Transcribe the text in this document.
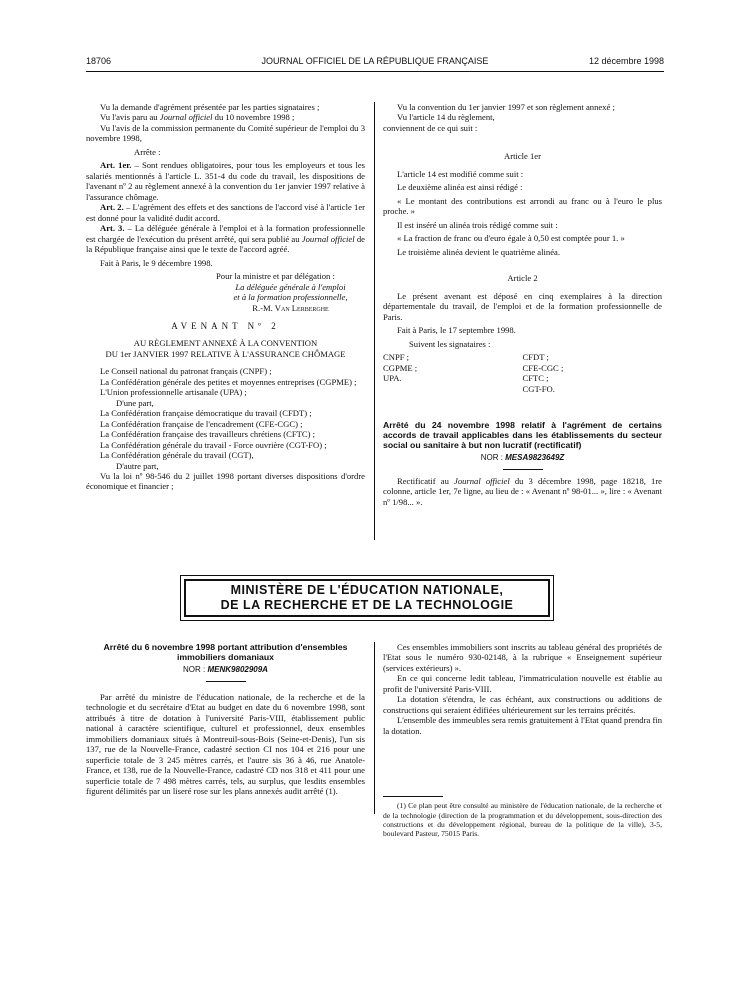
18706	JOURNAL OFFICIEL DE LA RÉPUBLIQUE FRANÇAISE	12 décembre 1998

Vu la demande d'agrément présentée par les parties signataires ;

Vu l'avis paru au Journal officiel du 10 novembre 1998 ;

Vu l'avis de la commission permanente du Comité supérieur de l'emploi du 3 novembre 1998,

Arrête :

Art. 1er. – Sont rendues obligatoires, pour tous les employeurs et tous les salariés mentionnés à l'article L. 351-4 du code du travail, les dispositions de l'avenant nº 2 au règlement annexé à la convention du 1er janvier 1997 relative à l'assurance chômage.

Art. 2. – L'agrément des effets et des sanctions de l'accord visé à l'article 1er est donné pour la validité dudit accord.

Art. 3. – La déléguée générale à l'emploi et à la formation professionnelle est chargée de l'exécution du présent arrêté, qui sera publié au Journal officiel de la République française ainsi que le texte de l'accord agréé.

Fait à Paris, le 9 décembre 1998.

Pour la ministre et par délégation :

La déléguée générale à l'emploi

et à la formation professionnelle,

R.-M. Van Lerberghe

AVENANT Nº 2

AU RÈGLEMENT ANNEXÉ À LA CONVENTION

DU 1er JANVIER 1997 RELATIVE À L'ASSURANCE CHÔMAGE

Le Conseil national du patronat français (CNPF) ;

La Confédération générale des petites et moyennes entreprises (CGPME) ;

L'Union professionnelle artisanale (UPA) ;

D'une part,

La Confédération française démocratique du travail (CFDT) ;

La Confédération française de l'encadrement (CFE-CGC) ;

La Confédération française des travailleurs chrétiens (CFTC) ;

La Confédération générale du travail - Force ouvrière (CGT-FO) ;

La Confédération générale du travail (CGT),

D'autre part,

Vu la loi nº 98-546 du 2 juillet 1998 portant diverses dispositions d'ordre économique et financier ;

Vu la convention du 1er janvier 1997 et son règlement annexé ;

Vu l'article 14 du règlement,

conviennent de ce qui suit :

Article 1er

L'article 14 est modifié comme suit :

Le deuxième alinéa est ainsi rédigé :

« Le montant des contributions est arrondi au franc ou à l'euro le plus proche. »

Il est inséré un alinéa trois rédigé comme suit :

« La fraction de franc ou d'euro égale à 0,50 est comptée pour 1. »

Le troisième alinéa devient le quatrième alinéa.

Article 2

Le présent avenant est déposé en cinq exemplaires à la direction départementale du travail, de l'emploi et de la formation professionnelle de Paris.

Fait à Paris, le 17 septembre 1998.

Suivent les signataires :

CNPF ;

CGPME ;

UPA.

CFDT ;

CFE-CGC ;

CFTC ;

CGT-FO.

Arrêté du 24 novembre 1998 relatif à l'agrément de certains accords de travail applicables dans les établissements du secteur social ou sanitaire à but non lucratif (rectificatif)

NOR : MESA9823649Z

Rectificatif au Journal officiel du 3 décembre 1998, page 18218, 1re colonne, article 1er, 7e ligne, au lieu de : « Avenant nº 98-01... », lire : « Avenant nº 1/98... ».

MINISTÈRE DE L'ÉDUCATION NATIONALE,
DE LA RECHERCHE ET DE LA TECHNOLOGIE

Arrêté du 6 novembre 1998 portant attribution d'ensembles immobiliers domaniaux

NOR : MENK9802909A

Par arrêté du ministre de l'éducation nationale, de la recherche et de la technologie et du secrétaire d'Etat au budget en date du 6 novembre 1998, sont attribués à titre de dotation à l'université Paris-VIII, établissement public national à caractère scientifique, culturel et professionnel, deux ensembles immobiliers domaniaux situés à Montreuil-sous-Bois (Seine-et-Denis), l'un sis 137, rue de la Nouvelle-France, cadastré section CI nos 104 et 216 pour une superficie totale de 3 245 mètres carrés, et l'autre sis 36 à 46, rue Anatole-France, et 138, rue de la Nouvelle-France, cadastré CD nos 318 et 411 pour une superficie totale de 7 498 mètres carrés, tels, au surplus, que lesdits ensembles figurent délimités par un liseré rose sur les plans annexés audit arrêté (1).

Ces ensembles immobiliers sont inscrits au tableau général des propriétés de l'Etat sous le numéro 930-02148, à la rubrique « Enseignement supérieur (services extérieurs) ».

En ce qui concerne ledit tableau, l'immatriculation nouvelle est établie au profit de l'université Paris-VIII.

La dotation s'étendra, le cas échéant, aux constructions ou additions de constructions qui seraient édifiées ultérieurement sur les terrains précités.

L'ensemble des immeubles sera remis gratuitement à l'Etat quand prendra fin la dotation.

(1) Ce plan peut être consulté au ministère de l'éducation nationale, de la recherche et de la technologie (direction de la programmation et du développement, sous-direction des constructions et du développement régional, bureau de la politique de la ville), 3-5, boulevard Pasteur, 75015 Paris.
